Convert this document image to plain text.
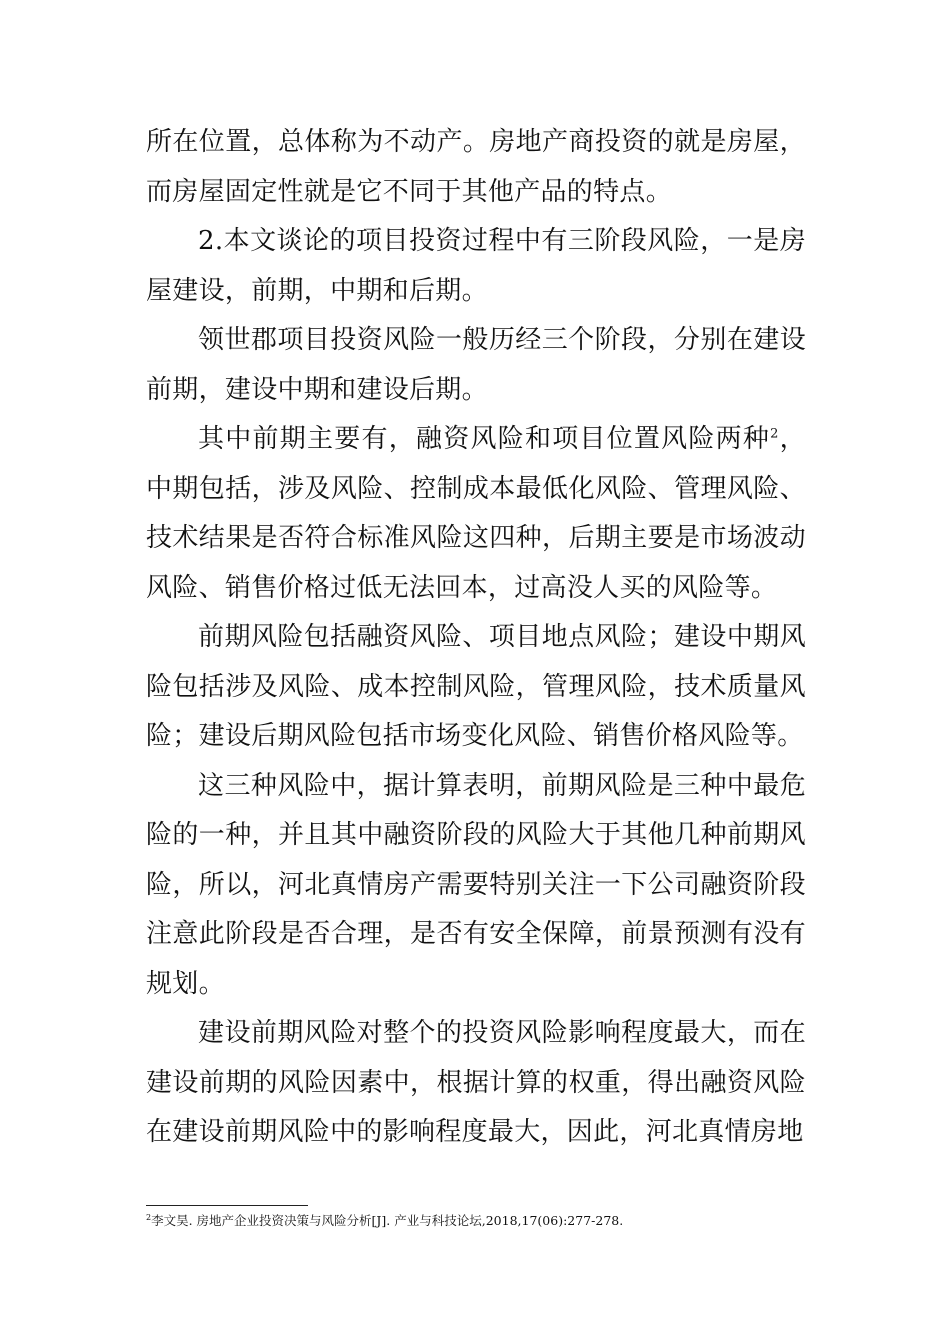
所在位置，总体称为不动产。房地产商投资的就是房屋，而房屋固定性就是它不同于其他产品的特点。

2.本文谈论的项目投资过程中有三阶段风险，一是房屋建设，前期，中期和后期。

领世郡项目投资风险一般历经三个阶段，分别在建设前期，建设中期和建设后期。

其中前期主要有，融资风险和项目位置风险两种$^2$，中期包括，涉及风险、控制成本最低化风险、管理风险、技术结果是否符合标准风险这四种，后期主要是市场波动风险、销售价格过低无法回本，过高没人买的风险等。

前期风险包括融资风险、项目地点风险；建设中期风险包括涉及风险、成本控制风险，管理风险，技术质量风险；建设后期风险包括市场变化风险、销售价格风险等。

这三种风险中，据计算表明，前期风险是三种中最危险的一种，并且其中融资阶段的风险大于其他几种前期风险，所以，河北真情房产需要特别关注一下公司融资阶段注意此阶段是否合理，是否有安全保障，前景预测有没有规划。

建设前期风险对整个的投资风险影响程度最大，而在建设前期的风险因素中，根据计算的权重，得出融资风险在建设前期风险中的影响程度最大，因此，河北真情房地

$^2$李文昊. 房地产企业投资决策与风险分析[J]. 产业与科技论坛,2018,17(06):277-278.
